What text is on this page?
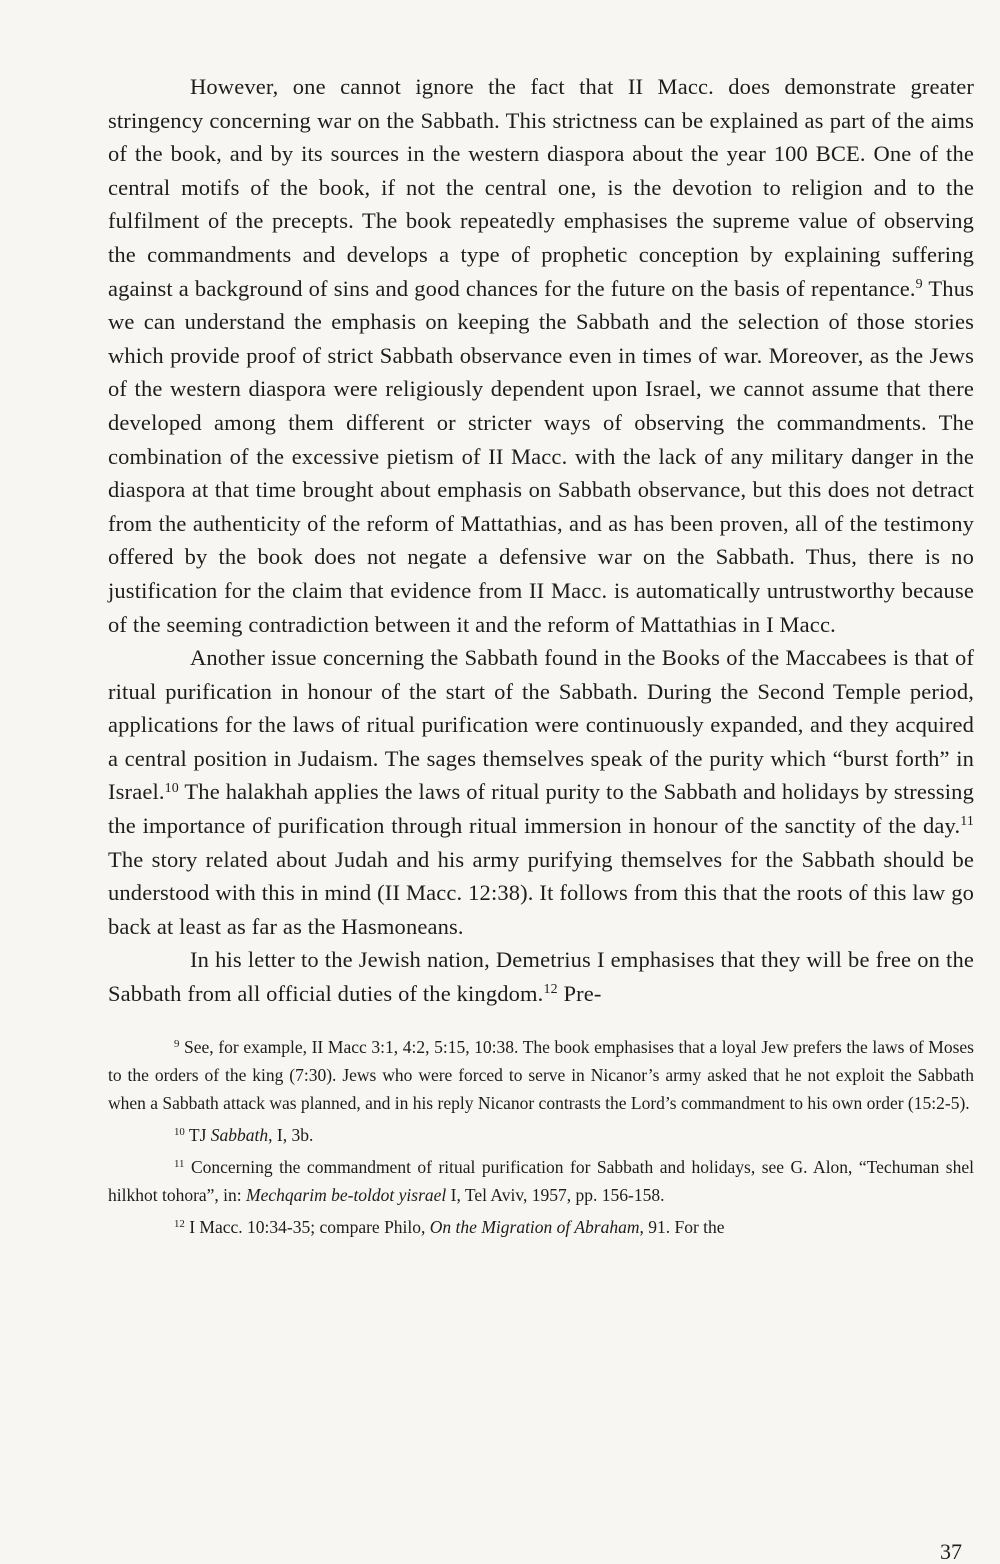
However, one cannot ignore the fact that II Macc. does demonstrate greater stringency concerning war on the Sabbath. This strictness can be explained as part of the aims of the book, and by its sources in the western diaspora about the year 100 BCE. One of the central motifs of the book, if not the central one, is the devotion to religion and to the fulfilment of the precepts. The book repeatedly emphasises the supreme value of observing the commandments and develops a type of prophetic conception by explaining suffering against a background of sins and good chances for the future on the basis of repentance.$^9$ Thus we can understand the emphasis on keeping the Sabbath and the selection of those stories which provide proof of strict Sabbath observance even in times of war. Moreover, as the Jews of the western diaspora were religiously dependent upon Israel, we cannot assume that there developed among them different or stricter ways of observing the commandments. The combination of the excessive pietism of II Macc. with the lack of any military danger in the diaspora at that time brought about emphasis on Sabbath observance, but this does not detract from the authenticity of the reform of Mattathias, and as has been proven, all of the testimony offered by the book does not negate a defensive war on the Sabbath. Thus, there is no justification for the claim that evidence from II Macc. is automatically untrustworthy because of the seeming contradiction between it and the reform of Mattathias in I Macc.

Another issue concerning the Sabbath found in the Books of the Maccabees is that of ritual purification in honour of the start of the Sabbath. During the Second Temple period, applications for the laws of ritual purification were continuously expanded, and they acquired a central position in Judaism. The sages themselves speak of the purity which “burst forth” in Israel.$^{10}$ The halakhah applies the laws of ritual purity to the Sabbath and holidays by stressing the importance of purification through ritual immersion in honour of the sanctity of the day.$^{11}$ The story related about Judah and his army purifying themselves for the Sabbath should be understood with this in mind (II Macc. 12:38). It follows from this that the roots of this law go back at least as far as the Hasmoneans.

In his letter to the Jewish nation, Demetrius I emphasises that they will be free on the Sabbath from all official duties of the kingdom.$^{12}$ Pre-

$^9$ See, for example, II Macc 3:1, 4:2, 5:15, 10:38. The book emphasises that a loyal Jew prefers the laws of Moses to the orders of the king (7:30). Jews who were forced to serve in Nicanor’s army asked that he not exploit the Sabbath when a Sabbath attack was planned, and in his reply Nicanor contrasts the Lord’s commandment to his own order (15:2-5).

$^{10}$ TJ Sabbath, I, 3b.

$^{11}$ Concerning the commandment of ritual purification for Sabbath and holidays, see G. Alon, “Techuman shel hilkhot tohora”, in: Mechqarim be-toldot yisrael I, Tel Aviv, 1957, pp. 156-158.

$^{12}$ I Macc. 10:34-35; compare Philo, On the Migration of Abraham, 91. For the

37
